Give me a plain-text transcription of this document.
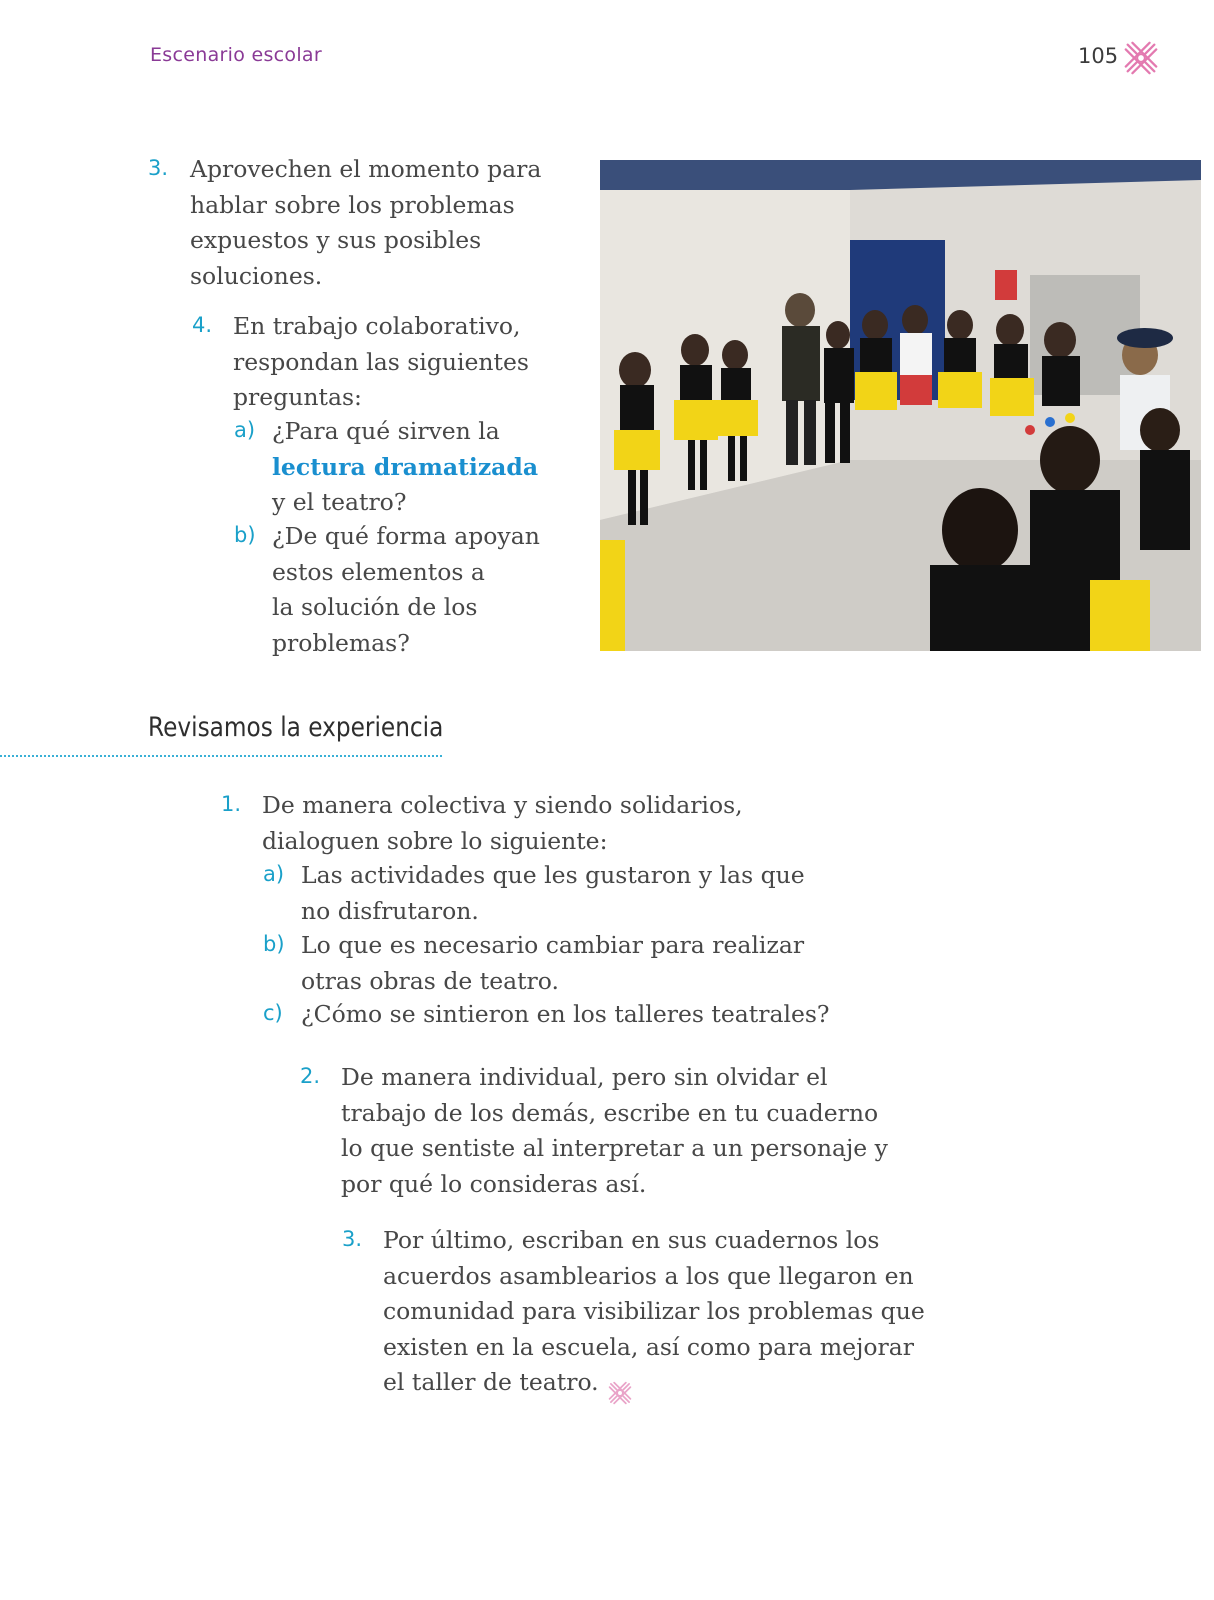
Escenario escolar	105
3. Aprovechen el momento para
hablar sobre los problemas
expuestos y sus posibles
soluciones.
4. En trabajo colaborativo,
respondan las siguientes
preguntas:
a) ¿Para qué sirven la
lectura dramatizada
y el teatro?
b) ¿De qué forma apoyan
estos elementos a
la solución de los
problemas?
Revisamos la experiencia
1. De manera colectiva y siendo solidarios,
dialoguen sobre lo siguiente:
a) Las actividades que les gustaron y las que
no disfrutaron.
b) Lo que es necesario cambiar para realizar
otras obras de teatro.
c) ¿Cómo se sintieron en los talleres teatrales?
2. De manera individual, pero sin olvidar el
trabajo de los demás, escribe en tu cuaderno
lo que sentiste al interpretar a un personaje y
por qué lo consideras así.
3. Por último, escriban en sus cuadernos los
acuerdos asamblearios a los que llegaron en
comunidad para visibilizar los problemas que
existen en la escuela, así como para mejorar
el taller de teatro.
